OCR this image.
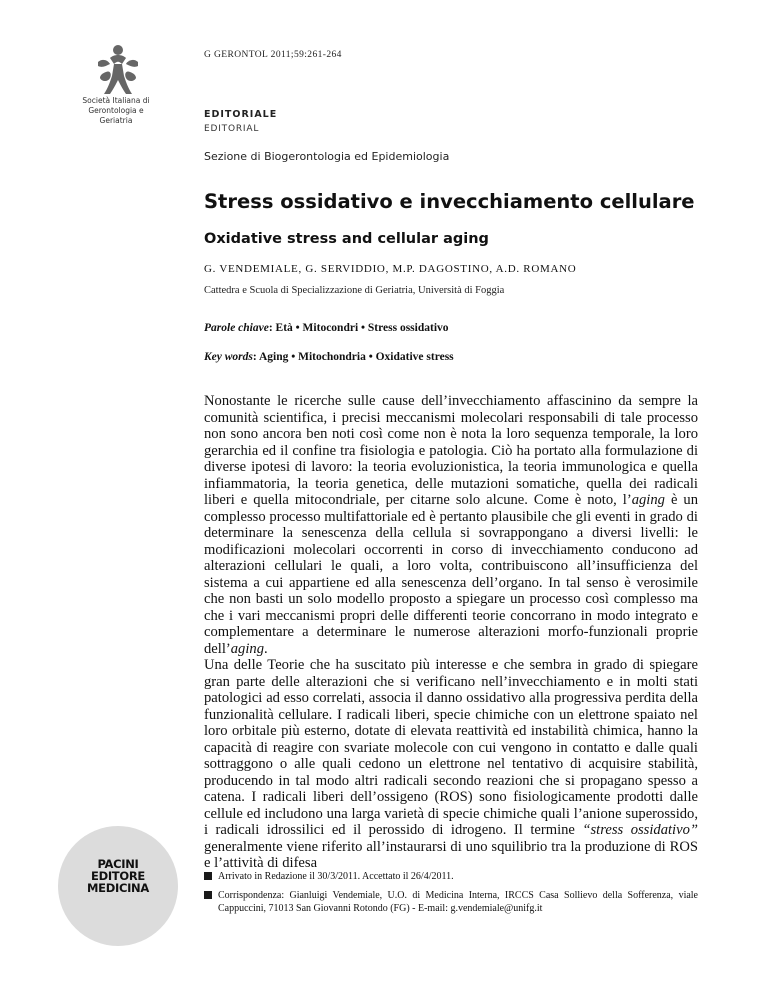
Società Italiana di Gerontologia e Geriatria
G GERONTOL 2011;59:261-264
EDITORIALE
EDITORIAL
Sezione di Biogerontologia ed Epidemiologia
Stress ossidativo e invecchiamento cellulare
Oxidative stress and cellular aging
G. VENDEMIALE, G. SERVIDDIO, M.P. DAGOSTINO, A.D. ROMANO
Cattedra e Scuola di Specializzazione di Geriatria, Università di Foggia
Parole chiave: Età • Mitocondri • Stress ossidativo
Key words: Aging • Mitochondria • Oxidative stress

Nonostante le ricerche sulle cause dell’invecchiamento affascinino da sempre la comunità scientifica, i precisi meccanismi molecolari responsabili di tale processo non sono ancora ben noti così come non è nota la loro sequenza temporale, la loro gerarchia ed il confine tra fisiologia e patologia. Ciò ha portato alla formulazione di diverse ipotesi di lavoro: la teoria evoluzionistica, la teoria immunologica e quella infiammatoria, la teoria genetica, delle mutazioni somatiche, quella dei radicali liberi e quella mitocondriale, per citarne solo alcune. Come è noto, l’aging è un complesso processo multifattoriale ed è pertanto plausibile che gli eventi in grado di determinare la senescenza della cellula si sovrappongano a diversi livelli: le modificazioni molecolari occorrenti in corso di invecchiamento conducono ad alterazioni cellulari le quali, a loro volta, contribuiscono all’insufficienza del sistema a cui appartiene ed alla senescenza dell’organo. In tal senso è verosimile che non basti un solo modello proposto a spiegare un processo così complesso ma che i vari meccanismi propri delle differenti teorie concorrano in modo integrato e complementare a determinare le numerose alterazioni morfo-funzionali proprie dell’aging.
Una delle Teorie che ha suscitato più interesse e che sembra in grado di spiegare gran parte delle alterazioni che si verificano nell’invecchiamento e in molti stati patologici ad esso correlati, associa il danno ossidativo alla progressiva perdita della funzionalità cellulare. I radicali liberi, specie chimiche con un elettrone spaiato nel loro orbitale più esterno, dotate di elevata reattività ed instabilità chimica, hanno la capacità di reagire con svariate molecole con cui vengono in contatto e dalle quali sottraggono o alle quali cedono un elettrone nel tentativo di acquisire stabilità, producendo in tal modo altri radicali secondo reazioni che si propagano spesso a catena. I radicali liberi dell’ossigeno (ROS) sono fisiologicamente prodotti dalle cellule ed includono una larga varietà di specie chimiche quali l’anione superossido, i radicali idrossilici ed il perossido di idrogeno. Il termine “stress ossidativo” generalmente viene riferito all’instaurarsi di uno squilibrio tra la produzione di ROS e l’attività di difesa

PACINI
EDITORE
MEDICINA
Arrivato in Redazione il 30/3/2011. Accettato il 26/4/2011.
Corrispondenza: Gianluigi Vendemiale, U.O. di Medicina Interna, IRCCS Casa Sollievo della Sofferenza, viale Cappuccini, 71013 San Giovanni Rotondo (FG) - E-mail: g.vendemiale@unifg.it
